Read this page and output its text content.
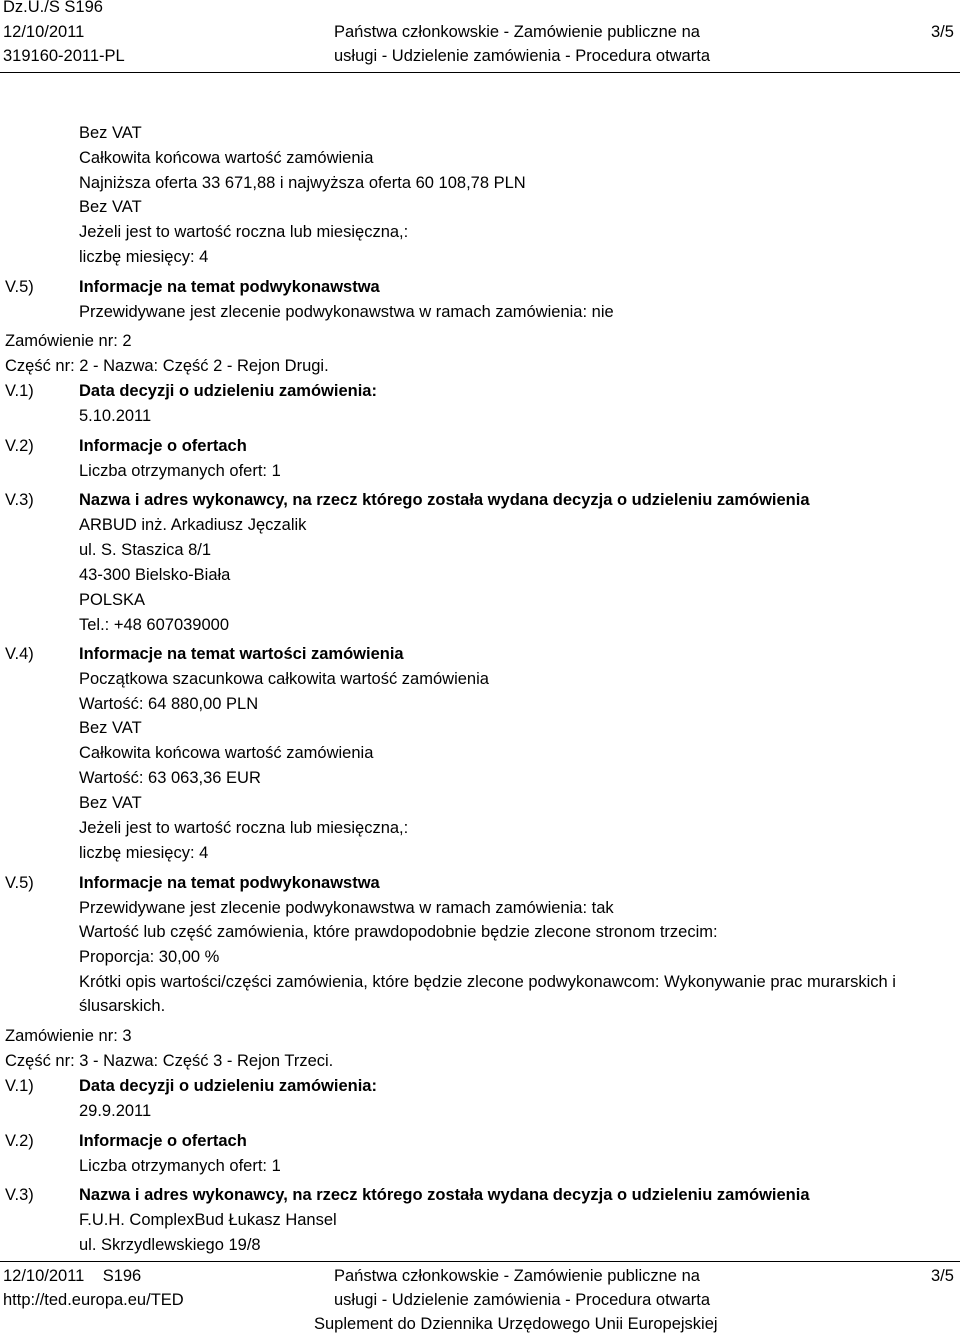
Dz.U./S S196
12/10/2011
319160-2011-PL
Państwa członkowskie - Zamówienie publiczne na
usługi - Udzielenie zamówienia - Procedura otwarta
3/5
Bez VAT
Całkowita końcowa wartość zamówienia
Najniższa oferta 33 671,88 i najwyższa oferta 60 108,78 PLN
Bez VAT
Jeżeli jest to wartość roczna lub miesięczna,:
liczbę miesięcy: 4
V.5)	Informacje na temat podwykonawstwa
Przewidywane jest zlecenie podwykonawstwa w ramach zamówienia: nie
Zamówienie nr: 2
Część nr: 2 - Nazwa: Część 2 - Rejon Drugi.
V.1)	Data decyzji o udzieleniu zamówienia:
5.10.2011
V.2)	Informacje o ofertach
Liczba otrzymanych ofert: 1
V.3)	Nazwa i adres wykonawcy, na rzecz którego została wydana decyzja o udzieleniu zamówienia
ARBUD inż. Arkadiusz Jęczalik
ul. S. Staszica 8/1
43-300 Bielsko-Biała
POLSKA
Tel.: +48 607039000
V.4)	Informacje na temat wartości zamówienia
Początkowa szacunkowa całkowita wartość zamówienia
Wartość: 64 880,00 PLN
Bez VAT
Całkowita końcowa wartość zamówienia
Wartość: 63 063,36 EUR
Bez VAT
Jeżeli jest to wartość roczna lub miesięczna,:
liczbę miesięcy: 4
V.5)	Informacje na temat podwykonawstwa
Przewidywane jest zlecenie podwykonawstwa w ramach zamówienia: tak
Wartość lub część zamówienia, które prawdopodobnie będzie zlecone stronom trzecim:
Proporcja: 30,00 %
Krótki opis wartości/części zamówienia, które będzie zlecone podwykonawcom: Wykonywanie prac murarskich i ślusarskich.
Zamówienie nr: 3
Część nr: 3 - Nazwa: Część 3 - Rejon Trzeci.
V.1)	Data decyzji o udzieleniu zamówienia:
29.9.2011
V.2)	Informacje o ofertach
Liczba otrzymanych ofert: 1
V.3)	Nazwa i adres wykonawcy, na rzecz którego została wydana decyzja o udzieleniu zamówienia
F.U.H. ComplexBud Łukasz Hansel
ul. Skrzydlewskiego 19/8
12/10/2011    S196
http://ted.europa.eu/TED
Państwa członkowskie - Zamówienie publiczne na
usługi - Udzielenie zamówienia - Procedura otwarta
Suplement do Dziennika Urzędowego Unii Europejskiej
3/5
